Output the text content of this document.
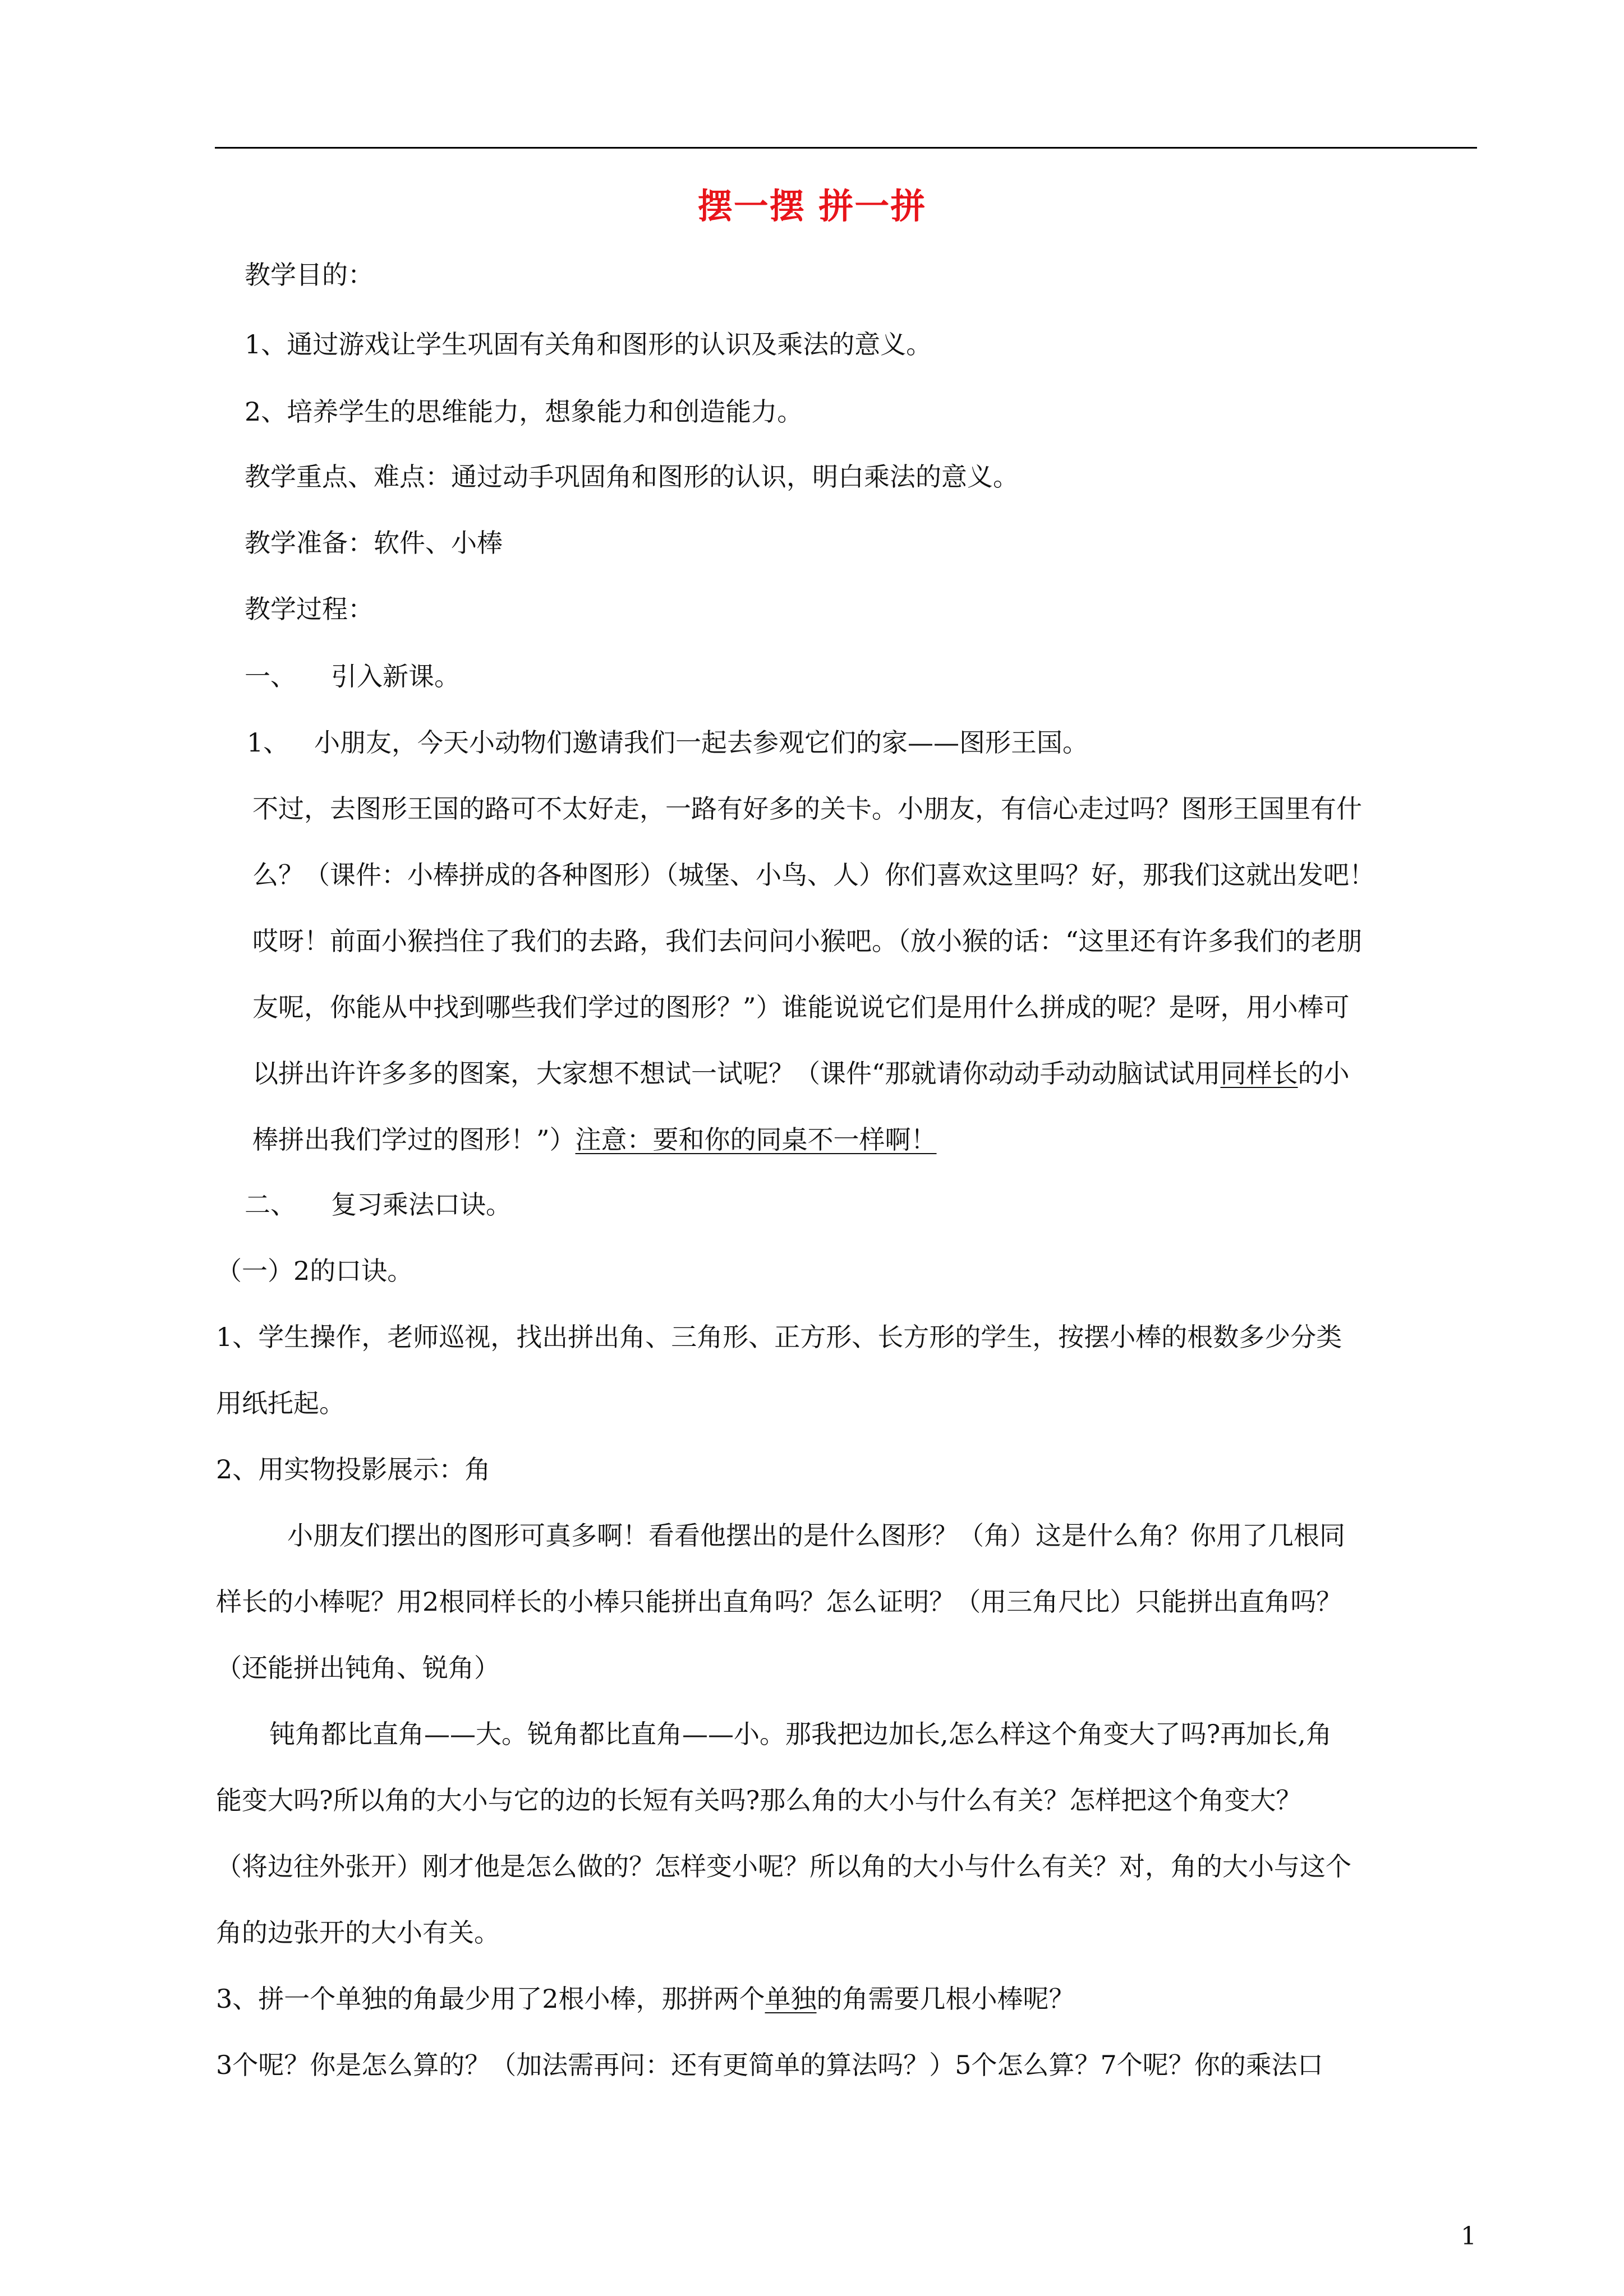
摆一摆 拼一拼
教学目的：
1、通过游戏让学生巩固有关角和图形的认识及乘法的意义。
2、培养学生的思维能力，想象能力和创造能力。
教学重点、难点：通过动手巩固角和图形的认识，明白乘法的意义。
教学准备：软件、小棒
教学过程：
一、 引入新课。
1、 小朋友，今天小动物们邀请我们一起去参观它们的家——图形王国。
不过，去图形王国的路可不太好走，一路有好多的关卡。小朋友，有信心走过吗？图形王国里有什
么？（课件：小棒拼成的各种图形）（城堡、小鸟、人）你们喜欢这里吗？好，那我们这就出发吧！
哎呀！前面小猴挡住了我们的去路，我们去问问小猴吧。（放小猴的话：“这里还有许多我们的老朋
友呢，你能从中找到哪些我们学过的图形？”）谁能说说它们是用什么拼成的呢？是呀，用小棒可
以拼出许许多多的图案，大家想不想试一试呢？（课件“那就请你动动手动动脑试试用同样长的小
棒拼出我们学过的图形！”）注意：要和你的同桌不一样啊！
二、 复习乘法口诀。
（一）2的口诀。
1、学生操作，老师巡视，找出拼出角、三角形、正方形、长方形的学生，按摆小棒的根数多少分类
用纸托起。
2、用实物投影展示：角
小朋友们摆出的图形可真多啊！看看他摆出的是什么图形？（角）这是什么角？你用了几根同
样长的小棒呢？用2根同样长的小棒只能拼出直角吗？怎么证明？（用三角尺比）只能拼出直角吗？
（还能拼出钝角、锐角）
钝角都比直角——大。锐角都比直角——小。那我把边加长,怎么样这个角变大了吗?再加长,角
能变大吗?所以角的大小与它的边的长短有关吗?那么角的大小与什么有关？怎样把这个角变大？
（将边往外张开）刚才他是怎么做的？怎样变小呢？所以角的大小与什么有关？对，角的大小与这个
角的边张开的大小有关。
3、拼一个单独的角最少用了2根小棒，那拼两个单独的角需要几根小棒呢？
3个呢？你是怎么算的？（加法需再问：还有更简单的算法吗？）5个怎么算？7个呢？你的乘法口
1
